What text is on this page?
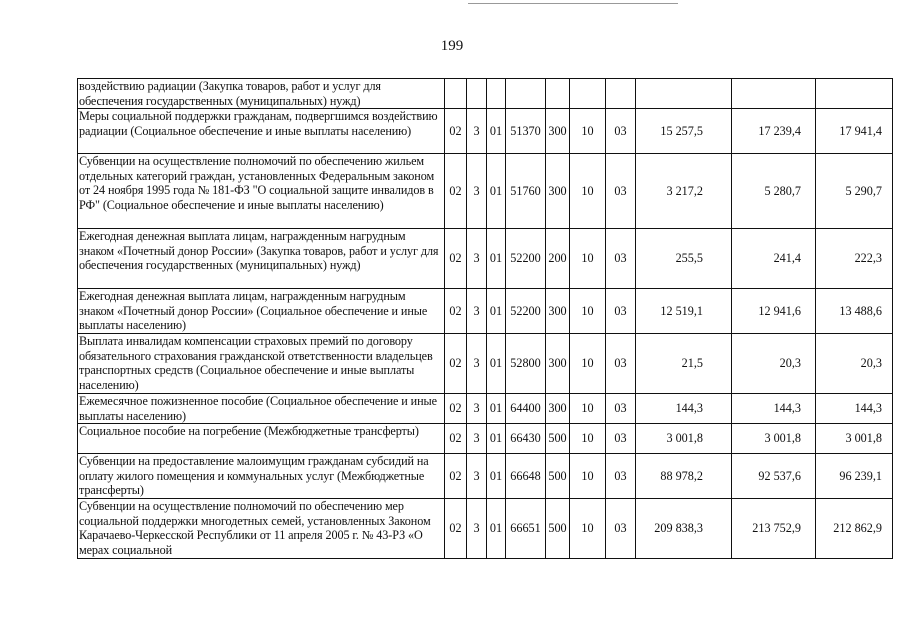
199
воздействию радиации (Закупка товаров, работ и услуг для обеспечения государственных (муниципальных) нужд)										

Меры социальной поддержки гражданам, подвергшимся воздействию радиации (Социальное обеспечение и иные выплаты населению)	02	3	01	51370	300	10	03	15 257,5	17 239,4	17 941,4

Субвенции на осуществление полномочий по обеспечению жильем отдельных категорий граждан, установленных Федеральным законом от 24 ноября 1995 года № 181-ФЗ "О социальной защите инвалидов в РФ" (Социальное обеспечение и иные выплаты населению)	02	3	01	51760	300	10	03	3 217,2	5 280,7	5 290,7

Ежегодная денежная выплата лицам, награжденным нагрудным знаком «Почетный донор России» (Закупка товаров, работ и услуг для обеспечения государственных (муниципальных) нужд)	02	3	01	52200	200	10	03	255,5	241,4	222,3

Ежегодная денежная выплата лицам, награжденным нагрудным знаком «Почетный донор России» (Социальное обеспечение и иные выплаты населению)	02	3	01	52200	300	10	03	12 519,1	12 941,6	13 488,6

Выплата инвалидам компенсации страховых премий по договору обязательного страхования гражданской ответственности владельцев транспортных средств (Социальное обеспечение и иные выплаты населению)	02	3	01	52800	300	10	03	21,5	20,3	20,3

Ежемесячное пожизненное пособие (Социальное обеспечение и иные выплаты населению)	02	3	01	64400	300	10	03	144,3	144,3	144,3

Социальное пособие на погребение (Межбюджетные трансферты)	02	3	01	66430	500	10	03	3 001,8	3 001,8	3 001,8

Субвенции на предоставление малоимущим гражданам субсидий на оплату жилого помещения и коммунальных услуг (Межбюджетные трансферты)	02	3	01	66648	500	10	03	88 978,2	92 537,6	96 239,1

Субвенции на осуществление полномочий по обеспечению мер социальной поддержки многодетных семей, установленных Законом Карачаево-Черкесской Республики от 11 апреля 2005 г. № 43-РЗ «О мерах социальной	02	3	01	66651	500	10	03	209 838,3	213 752,9	212 862,9
